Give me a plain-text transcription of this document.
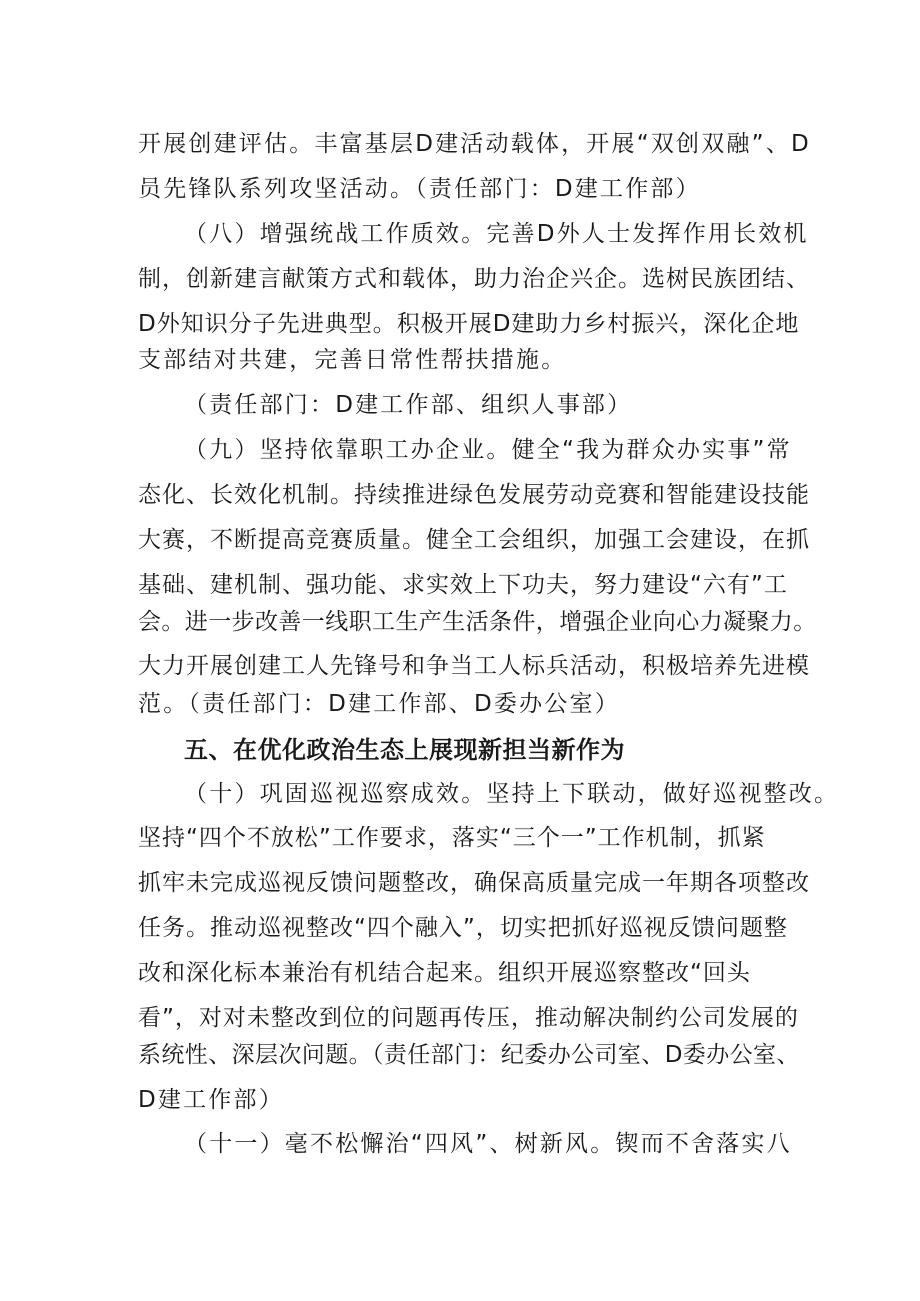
开展创建评估。丰富基层D建活动载体，开展“双创双融”、D
员先锋队系列攻坚活动。（责任部门：D建工作部）
（八）增强统战工作质效。完善D外人士发挥作用长效机
制，创新建言献策方式和载体，助力治企兴企。选树民族团结、
D外知识分子先进典型。积极开展D建助力乡村振兴，深化企地
支部结对共建，完善日常性帮扶措施。
（责任部门：D建工作部、组织人事部）
（九）坚持依靠职工办企业。健全“我为群众办实事”常
态化、长效化机制。持续推进绿色发展劳动竞赛和智能建设技能
大赛，不断提高竞赛质量。健全工会组织，加强工会建设，在抓
基础、建机制、强功能、求实效上下功夫，努力建设“六有”工
会。进一步改善一线职工生产生活条件，增强企业向心力凝聚力。
大力开展创建工人先锋号和争当工人标兵活动，积极培养先进模
范。（责任部门：D建工作部、D委办公室）
五、在优化政治生态上展现新担当新作为
（十）巩固巡视巡察成效。坚持上下联动，做好巡视整改。
坚持“四个不放松”工作要求，落实“三个一”工作机制，抓紧
抓牢未完成巡视反馈问题整改，确保高质量完成一年期各项整改
任务。推动巡视整改“四个融入”，切实把抓好巡视反馈问题整
改和深化标本兼治有机结合起来。组织开展巡察整改“回头
看”，对对未整改到位的问题再传压，推动解决制约公司发展的
系统性、深层次问题。（责任部门：纪委办公司室、D委办公室、
D建工作部）
（十一）毫不松懈治“四风”、树新风。锲而不舍落实八
